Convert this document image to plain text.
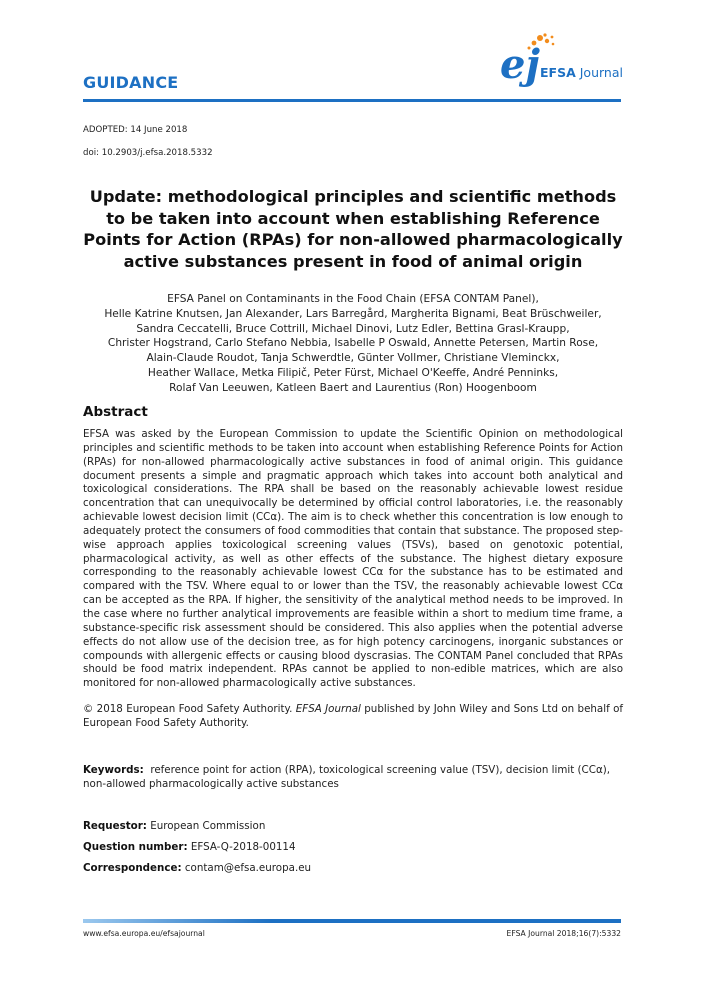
GUIDANCE	ej EFSA Journal
ADOPTED: 14 June 2018
doi: 10.2903/j.efsa.2018.5332
Update: methodological principles and scientific methods to be taken into account when establishing Reference Points for Action (RPAs) for non-allowed pharmacologically active substances present in food of animal origin
EFSA Panel on Contaminants in the Food Chain (EFSA CONTAM Panel),
Helle Katrine Knutsen, Jan Alexander, Lars Barregård, Margherita Bignami, Beat Brüschweiler,
Sandra Ceccatelli, Bruce Cottrill, Michael Dinovi, Lutz Edler, Bettina Grasl-Kraupp,
Christer Hogstrand, Carlo Stefano Nebbia, Isabelle P Oswald, Annette Petersen, Martin Rose,
Alain-Claude Roudot, Tanja Schwerdtle, Günter Vollmer, Christiane Vleminckx,
Heather Wallace, Metka Filipič, Peter Fürst, Michael O'Keeffe, André Penninks,
Rolaf Van Leeuwen, Katleen Baert and Laurentius (Ron) Hoogenboom
Abstract

EFSA was asked by the European Commission to update the Scientific Opinion on methodological principles and scientific methods to be taken into account when establishing Reference Points for Action (RPAs) for non-allowed pharmacologically active substances in food of animal origin. This guidance document presents a simple and pragmatic approach which takes into account both analytical and toxicological considerations. The RPA shall be based on the reasonably achievable lowest residue concentration that can unequivocally be determined by official control laboratories, i.e. the reasonably achievable lowest decision limit (CCα). The aim is to check whether this concentration is low enough to adequately protect the consumers of food commodities that contain that substance. The proposed step-wise approach applies toxicological screening values (TSVs), based on genotoxic potential, pharmacological activity, as well as other effects of the substance. The highest dietary exposure corresponding to the reasonably achievable lowest CCα for the substance has to be estimated and compared with the TSV. Where equal to or lower than the TSV, the reasonably achievable lowest CCα can be accepted as the RPA. If higher, the sensitivity of the analytical method needs to be improved. In the case where no further analytical improvements are feasible within a short to medium time frame, a substance-specific risk assessment should be considered. This also applies when the potential adverse effects do not allow use of the decision tree, as for high potency carcinogens, inorganic substances or compounds with allergenic effects or causing blood dyscrasias. The CONTAM Panel concluded that RPAs should be food matrix independent. RPAs cannot be applied to non-edible matrices, which are also monitored for non-allowed pharmacologically active substances.

© 2018 European Food Safety Authority. EFSA Journal published by John Wiley and Sons Ltd on behalf of European Food Safety Authority.

Keywords: reference point for action (RPA), toxicological screening value (TSV), decision limit (CCα), non-allowed pharmacologically active substances

Requestor: European Commission
Question number: EFSA-Q-2018-00114
Correspondence: contam@efsa.europa.eu
www.efsa.europa.eu/efsajournal	EFSA Journal 2018;16(7):5332
